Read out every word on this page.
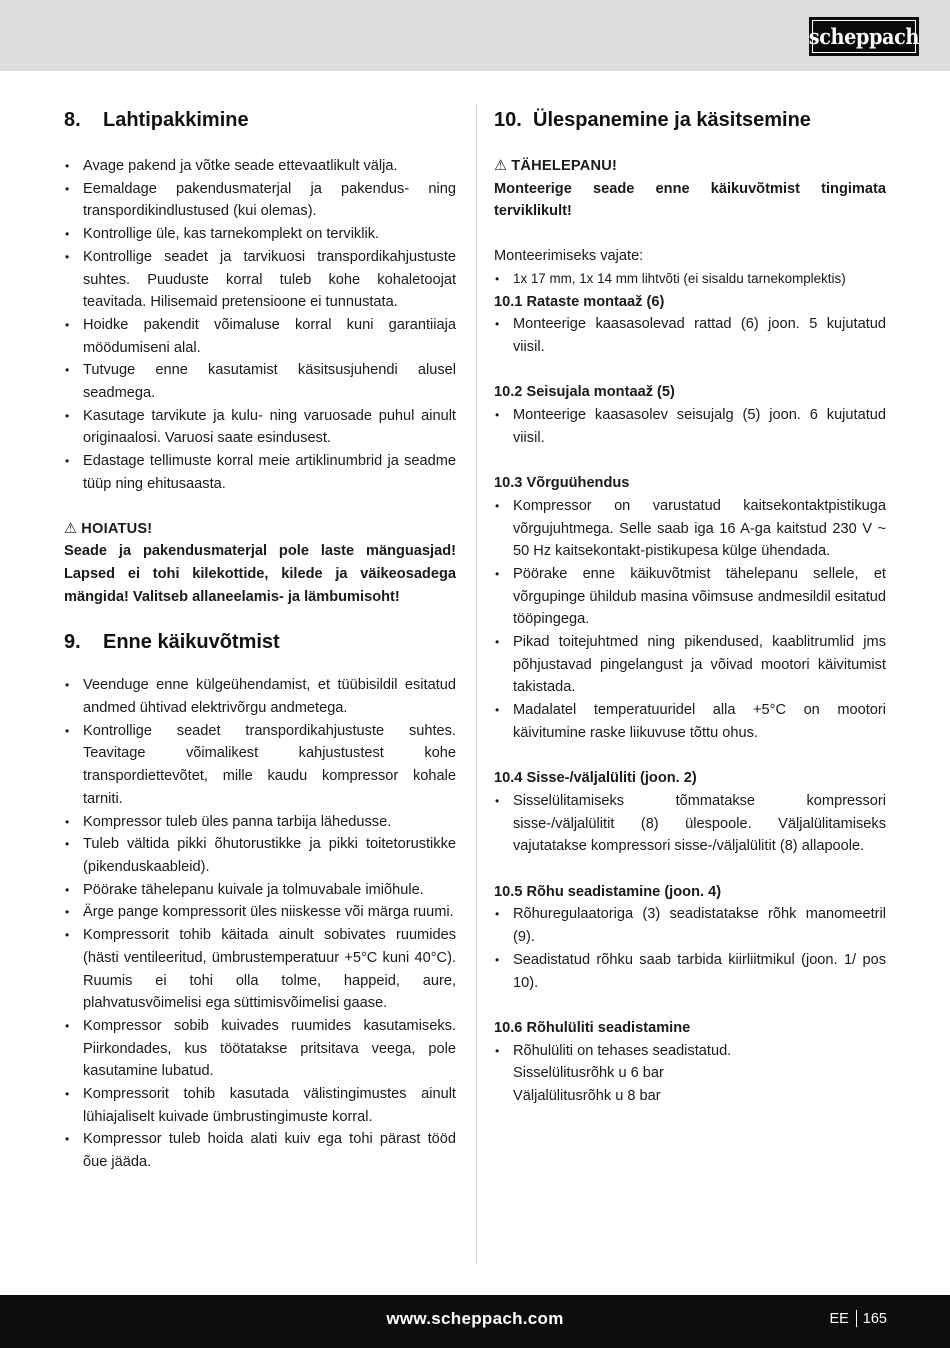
scheppach
8.	Lahtipakkimine
• Avage pakend ja võtke seade ettevaatlikult välja.
• Eemaldage pakendusmaterjal ja pakendus- ning transpordikindlustused (kui olemas).
• Kontrollige üle, kas tarnekomplekt on terviklik.
• Kontrollige seadet ja tarvikuosi transpordikahjustuste suhtes. Puuduste korral tuleb kohe kohaletoojat teavitada. Hilisemaid pretensioone ei tunnustata.
• Hoidke pakendit võimaluse korral kuni garantiiaja möödumiseni alal.
• Tutvuge enne kasutamist käsitsusjuhendi alusel seadmega.
• Kasutage tarvikute ja kulu- ning varuosade puhul ainult originaalosi. Varuosi saate esindusest.
• Edastage tellimuste korral meie artiklinumbrid ja seadme tüüp ning ehitusaasta.
⚠ HOIATUS!

Seade ja pakendusmaterjal pole laste mänguasjad! Lapsed ei tohi kilekottide, kilede ja väikeosadega mängida! Valitseb allaneelamis- ja lämbumisoht!

9.	Enne käikuvõtmist
• Veenduge enne külgeühendamist, et tüübisildil esitatud andmed ühtivad elektrivõrgu andmetega.
• Kontrollige seadet transpordikahjustuste suhtes. Teavitage võimalikest kahjustustest kohe transpordiettevõtet, mille kaudu kompressor kohale tarniti.
• Kompressor tuleb üles panna tarbija lähedusse.
• Tuleb vältida pikki õhutorustikke ja pikki toitetorustikke (pikenduskaableid).
• Pöörake tähelepanu kuivale ja tolmuvabale imiõhule.
• Ärge pange kompressorit üles niiskesse või märga ruumi.
• Kompressorit tohib käitada ainult sobivates ruumides (hästi ventileeritud, ümbrustemperatuur +5°C kuni 40°C). Ruumis ei tohi olla tolme, happeid, aure, plahvatusvõimelisi ega süttimisvõimelisi gaase.
• Kompressor sobib kuivades ruumides kasutamiseks. Piirkondades, kus töötatakse pritsitava veega, pole kasutamine lubatud.
• Kompressorit tohib kasutada välistingimustes ainult lühiajaliselt kuivade ümbrustingimuste korral.
• Kompressor tuleb hoida alati kuiv ega tohi pärast tööd õue jääda.
10. Ülespanemine ja käsitsemine
⚠ TÄHELEPANU!

Monteerige seade enne käikuvõtmist tingimata terviklikult!

Monteerimiseks vajate:

• 1x 17 mm, 1x 14 mm lihtvõti (ei sisaldu tarnekomplektis)
10.1 Rataste montaaž (6)
• Monteerige kaasasolevad rattad (6) joon. 5 kujutatud viisil.
10.2 Seisujala montaaž (5)
• Monteerige kaasasolev seisujalg (5) joon. 6 kujutatud viisil.
10.3 Võrguühendus
• Kompressor on varustatud kaitsekontaktpistikuga võrgujuhtmega. Selle saab iga 16 A-ga kaitstud 230 V ~ 50 Hz kaitsekontakt-pistikupesa külge ühendada.
• Pöörake enne käikuvõtmist tähelepanu sellele, et võrgupinge ühildub masina võimsuse andmesildil esitatud tööpingega.
• Pikad toitejuhtmed ning pikendused, kaablitrumlid jms põhjustavad pingelangust ja võivad mootori käivitumist takistada.
• Madalatel temperatuuridel alla +5°C on mootori käivitumine raske liikuvuse tõttu ohus.
10.4 Sisse-/väljalüliti (joon. 2)
• Sisselülitamiseks tõmmatakse kompressori sisse-/väljalülitit (8) ülespoole. Väljalülitamiseks vajutatakse kompressori sisse-/väljalülitit (8) allapoole.
10.5 Rõhu seadistamine (joon. 4)
• Rõhuregulaatoriga (3) seadistatakse rõhk manomeetril (9).
• Seadistatud rõhku saab tarbida kiirliitmikul (joon. 1/ pos 10).
10.6 Rõhulüliti seadistamine
• Rõhulüliti on tehases seadistatud.

Sisselülitusrõhk u 6 bar

Väljalülitusrõhk u 8 bar

www.scheppach.com	EE 165
